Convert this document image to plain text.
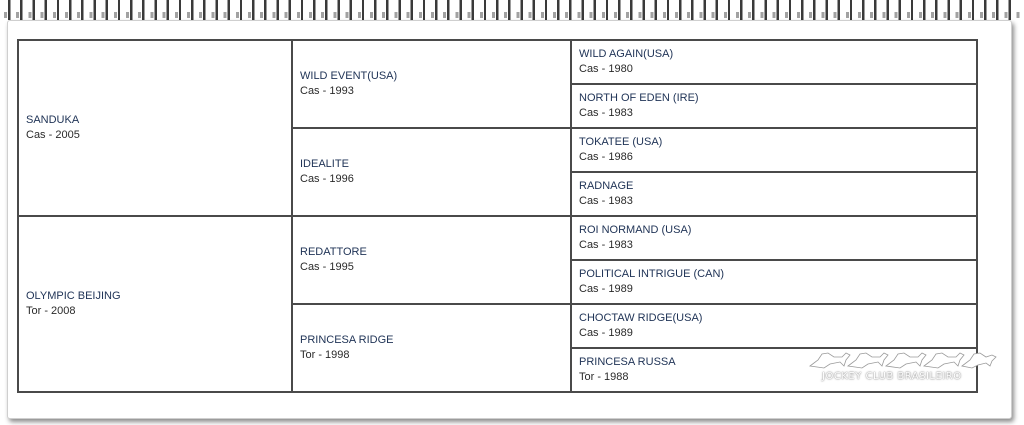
SANDUKA
Cas - 2005	WILD EVENT(USA)
Cas - 1993	WILD AGAIN(USA)
Cas - 1980

		NORTH OF EDEN (IRE)
Cas - 1983

	IDEALITE
Cas - 1996	TOKATEE (USA)
Cas - 1986

		RADNAGE
Cas - 1983

OLYMPIC BEIJING
Tor - 2008	REDATTORE
Cas - 1995	ROI NORMAND (USA)
Cas - 1983

		POLITICAL INTRIGUE (CAN)
Cas - 1989

	PRINCESA RIDGE
Tor - 1998	CHOCTAW RIDGE(USA)
Cas - 1989

		PRINCESA RUSSA
Tor - 1988	JOCKEY CLUB BRASILEIRO
